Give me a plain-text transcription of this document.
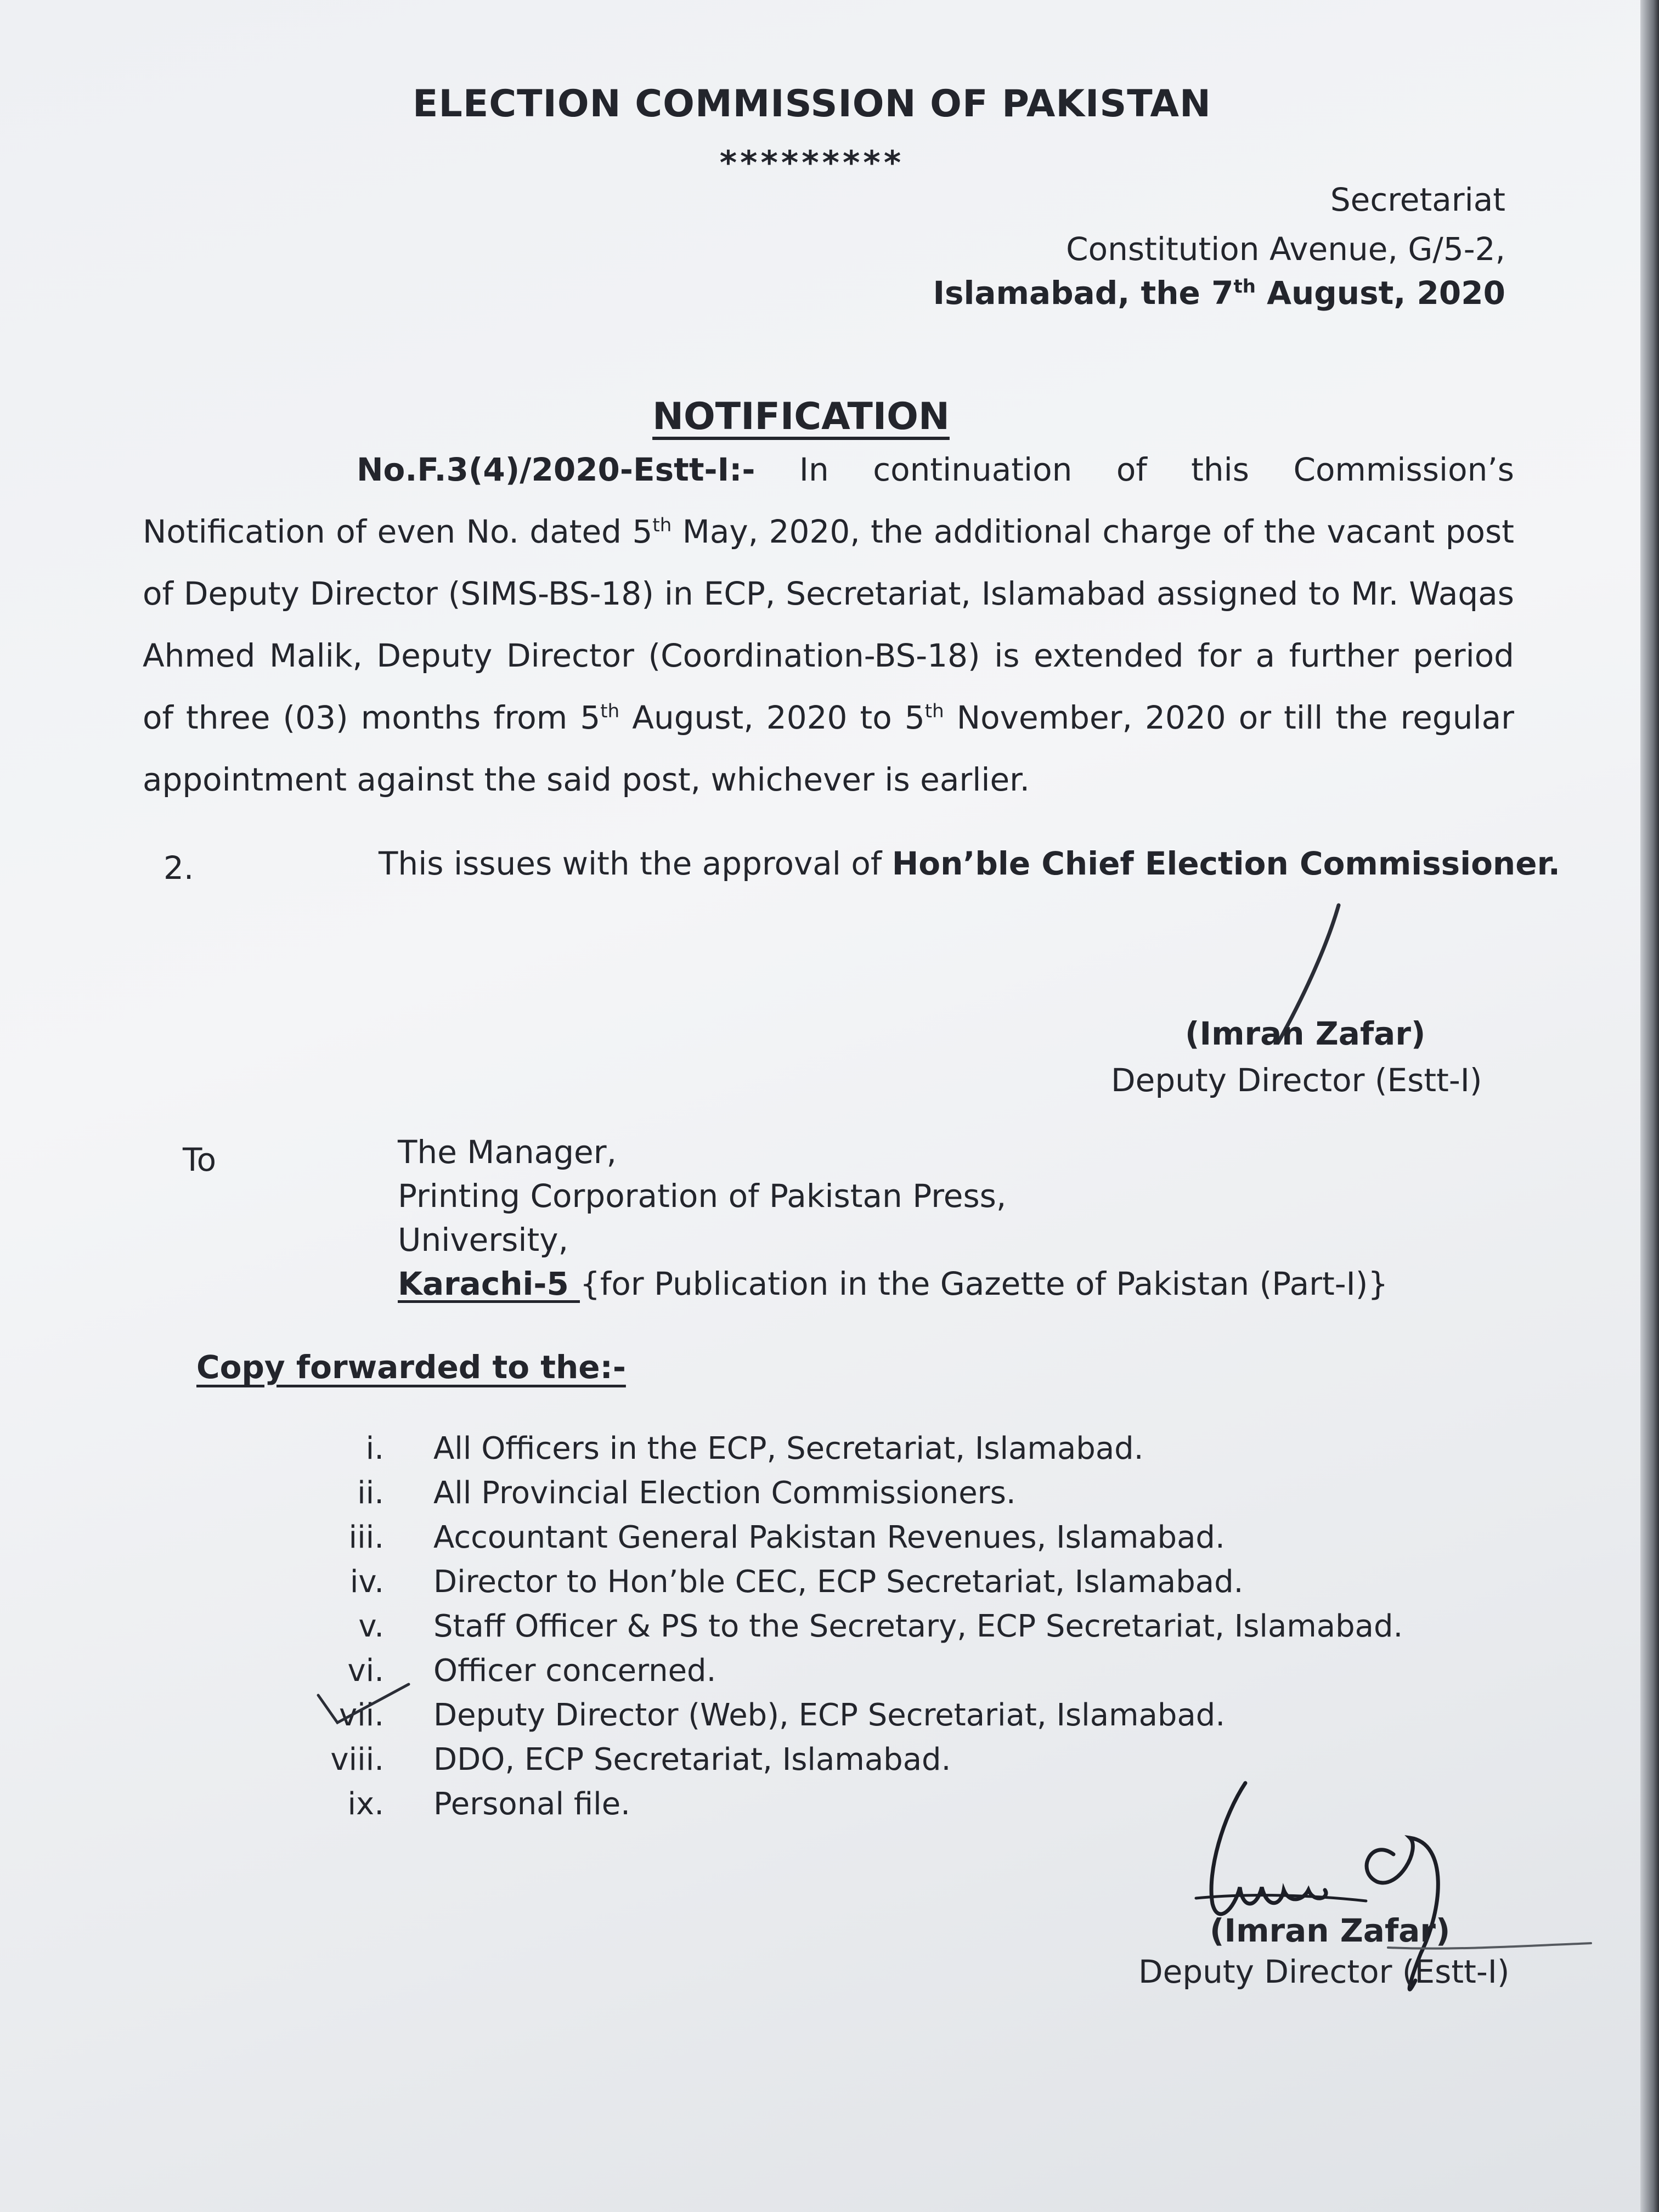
ELECTION COMMISSION OF PAKISTAN
*********
Secretariat
Constitution Avenue, G/5-2,
Islamabad, the 7th August, 2020
NOTIFICATION
No.F.3(4)/2020-Estt-I:- In continuation of this Commission’s Notification of even No. dated 5th May, 2020, the additional charge of the vacant post of Deputy Director (SIMS-BS-18) in ECP, Secretariat, Islamabad assigned to Mr. Waqas Ahmed Malik, Deputy Director (Coordination-BS-18) is extended for a further period of three (03) months from 5th August, 2020 to 5th November, 2020 or till the regular appointment against the said post, whichever is earlier.
2.	This issues with the approval of Hon’ble Chief Election Commissioner.
(Imran Zafar)
Deputy Director (Estt-I)
To	The Manager,
Printing Corporation of Pakistan Press,
University,
Karachi-5 {for Publication in the Gazette of Pakistan (Part-I)}
Copy forwarded to the:-
i.	All Officers in the ECP, Secretariat, Islamabad.
ii.	All Provincial Election Commissioners.
iii.	Accountant General Pakistan Revenues, Islamabad.
iv.	Director to Hon’ble CEC, ECP Secretariat, Islamabad.
v.	Staff Officer & PS to the Secretary, ECP Secretariat, Islamabad.
vi.	Officer concerned.
vii.	Deputy Director (Web), ECP Secretariat, Islamabad.
viii.	DDO, ECP Secretariat, Islamabad.
ix.	Personal file.
(Imran Zafar)
Deputy Director (Estt-I)
